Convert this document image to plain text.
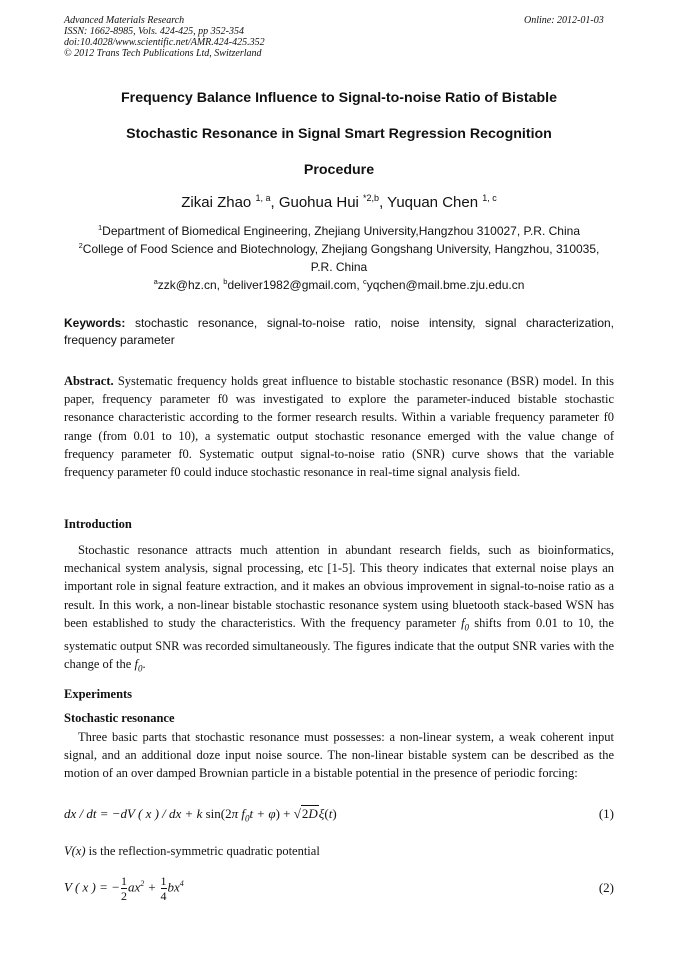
Advanced Materials Research
ISSN: 1662-8985, Vols. 424-425, pp 352-354
doi:10.4028/www.scientific.net/AMR.424-425.352
© 2012 Trans Tech Publications Ltd, Switzerland
Online: 2012-01-03
Frequency Balance Influence to Signal-to-noise Ratio of Bistable
Stochastic Resonance in Signal Smart Regression Recognition
Procedure
Zikai Zhao $^{1, a}$, Guohua Hui $^{*2,b}$, Yuquan Chen $^{1, c}$
$^1$Department of Biomedical Engineering, Zhejiang University,Hangzhou 310027, P.R. China
$^2$College of Food Science and Biotechnology, Zhejiang Gongshang University, Hangzhou, 310035,
P.R. China
$^a$zzk@hz.cn, $^b$deliver1982@gmail.com, $^c$yqchen@mail.bme.zju.edu.cn
Keywords: stochastic resonance, signal-to-noise ratio, noise intensity, signal characterization, frequency parameter
Abstract. Systematic frequency holds great influence to bistable stochastic resonance (BSR) model. In this paper, frequency parameter f0 was investigated to explore the parameter-induced bistable stochastic resonance characteristic according to the former research results. Within a variable frequency parameter f0 range (from 0.01 to 10), a systematic output stochastic resonance emerged with the value change of frequency parameter f0. Systematic output signal-to-noise ratio (SNR) curve shows that the variable frequency parameter f0 could induce stochastic resonance in real-time signal analysis field.
Introduction
Stochastic resonance attracts much attention in abundant research fields, such as bioinformatics, mechanical system analysis, signal processing, etc [1-5]. This theory indicates that external noise plays an important role in signal feature extraction, and it makes an obvious improvement in signal-to-noise ratio as a result. In this work, a non-linear bistable stochastic resonance system using bluetooth stack-based WSN has been established to study the characteristics. With the frequency parameter $f_0$ shifts from 0.01 to 10, the systematic output SNR was recorded simultaneously. The figures indicate that the output SNR varies with the change of the $f_0$.
Experiments
Stochastic resonance
Three basic parts that stochastic resonance must possesses: a non-linear system, a weak coherent input signal, and an additional doze input noise source. The non-linear bistable system can be described as the motion of an over damped Brownian particle in a bistable potential in the presence of periodic forcing:
dx / dt = −dV ( x ) / dx + k sin(2π $f_0t + \varphi) + √2D\xi(t)$	(1)
V(x) is the reflection-symmetric quadratic potential
V ( x ) = − $\frac{1}{2} ax^2 + \frac{1}{4} bx^4$	(2)
